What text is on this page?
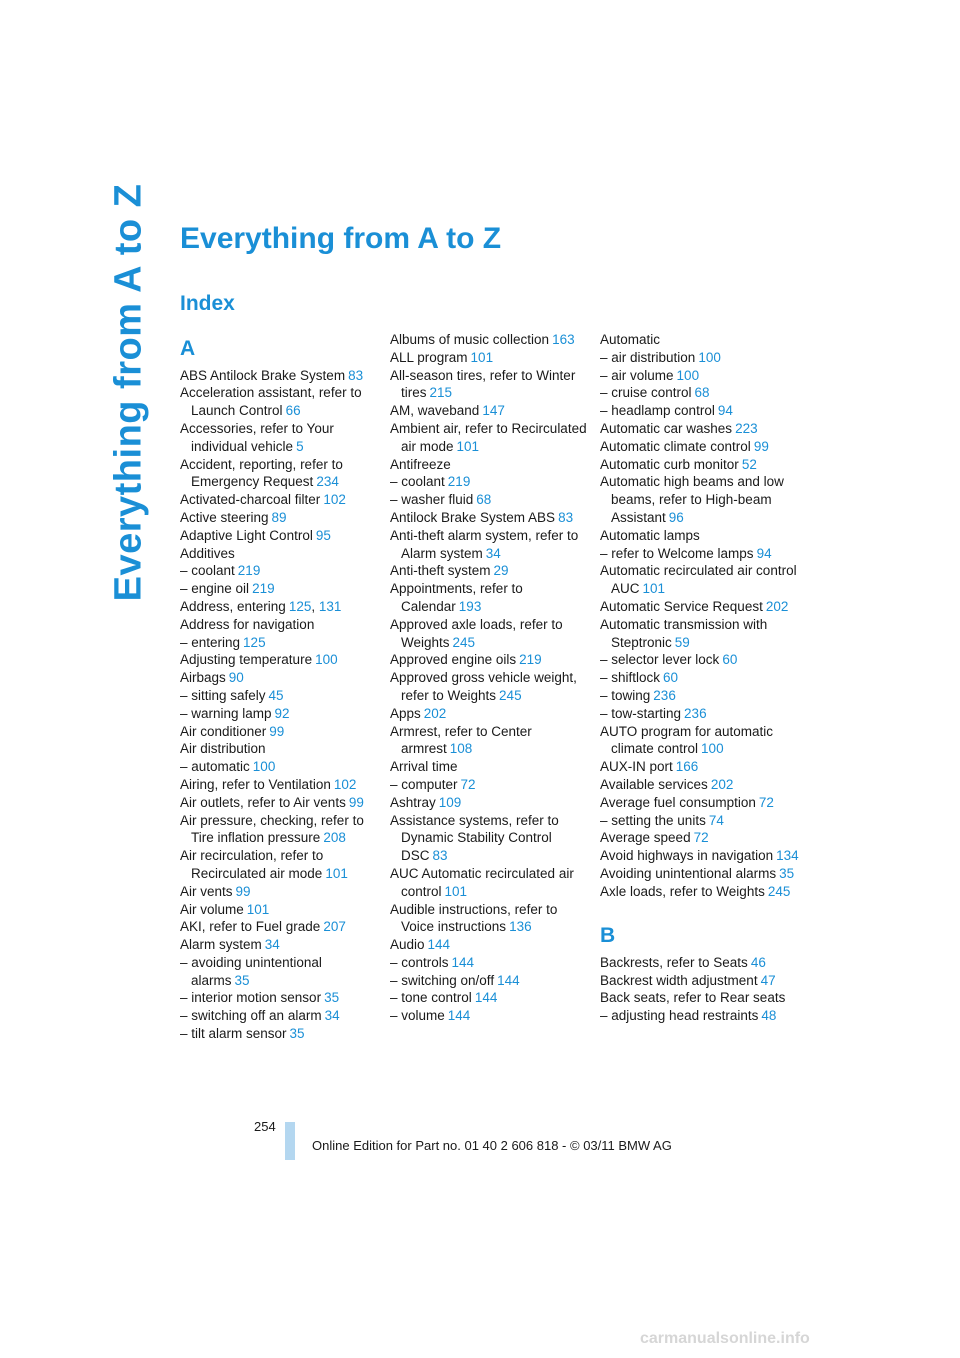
Everything from A to Z Everything from A to Z
Index
A
ABS Antilock Brake System 83
Acceleration assistant, refer to Launch Control 66
Accessories, refer to Your individual vehicle 5
Accident, reporting, refer to Emergency Request 234
Activated-charcoal filter 102
Active steering 89
Adaptive Light Control 95
Additives
– coolant 219
– engine oil 219
Address, entering 125, 131
Address for navigation
– entering 125
Adjusting temperature 100
Airbags 90
– sitting safely 45
– warning lamp 92
Air conditioner 99
Air distribution
– automatic 100
Airing, refer to Ventilation 102
Air outlets, refer to Air vents 99
Air pressure, checking, refer to Tire inflation pressure 208
Air recirculation, refer to Recirculated air mode 101
Air vents 99
Air volume 101
AKI, refer to Fuel grade 207
Alarm system 34
– avoiding unintentional alarms 35
– interior motion sensor 35
– switching off an alarm 34
– tilt alarm sensor 35
Albums of music collection 163
ALL program 101
All-season tires, refer to Winter tires 215
AM, waveband 147
Ambient air, refer to Recirculated air mode 101
Antifreeze
– coolant 219
– washer fluid 68
Antilock Brake System ABS 83
Anti-theft alarm system, refer to Alarm system 34
Anti-theft system 29
Appointments, refer to Calendar 193
Approved axle loads, refer to Weights 245
Approved engine oils 219
Approved gross vehicle weight, refer to Weights 245
Apps 202
Armrest, refer to Center armrest 108
Arrival time
– computer 72
Ashtray 109
Assistance systems, refer to Dynamic Stability Control DSC 83
AUC Automatic recirculated air control 101
Audible instructions, refer to Voice instructions 136
Audio 144
– controls 144
– switching on/off 144
– tone control 144
– volume 144
Automatic
– air distribution 100
– air volume 100
– cruise control 68
– headlamp control 94
Automatic car washes 223
Automatic climate control 99
Automatic curb monitor 52
Automatic high beams and low beams, refer to High-beam Assistant 96
Automatic lamps
– refer to Welcome lamps 94
Automatic recirculated air control AUC 101
Automatic Service Request 202
Automatic transmission with Steptronic 59
– selector lever lock 60
– shiftlock 60
– towing 236
– tow-starting 236
AUTO program for automatic climate control 100
AUX-IN port 166
Available services 202
Average fuel consumption 72
– setting the units 74
Average speed 72
Avoid highways in navigation 134
Avoiding unintentional alarms 35
Axle loads, refer to Weights 245
B
Backrests, refer to Seats 46
Backrest width adjustment 47
Back seats, refer to Rear seats
– adjusting head restraints 48
254
Online Edition for Part no. 01 40 2 606 818 - © 03/11 BMW AG
carmanualsonline.info
